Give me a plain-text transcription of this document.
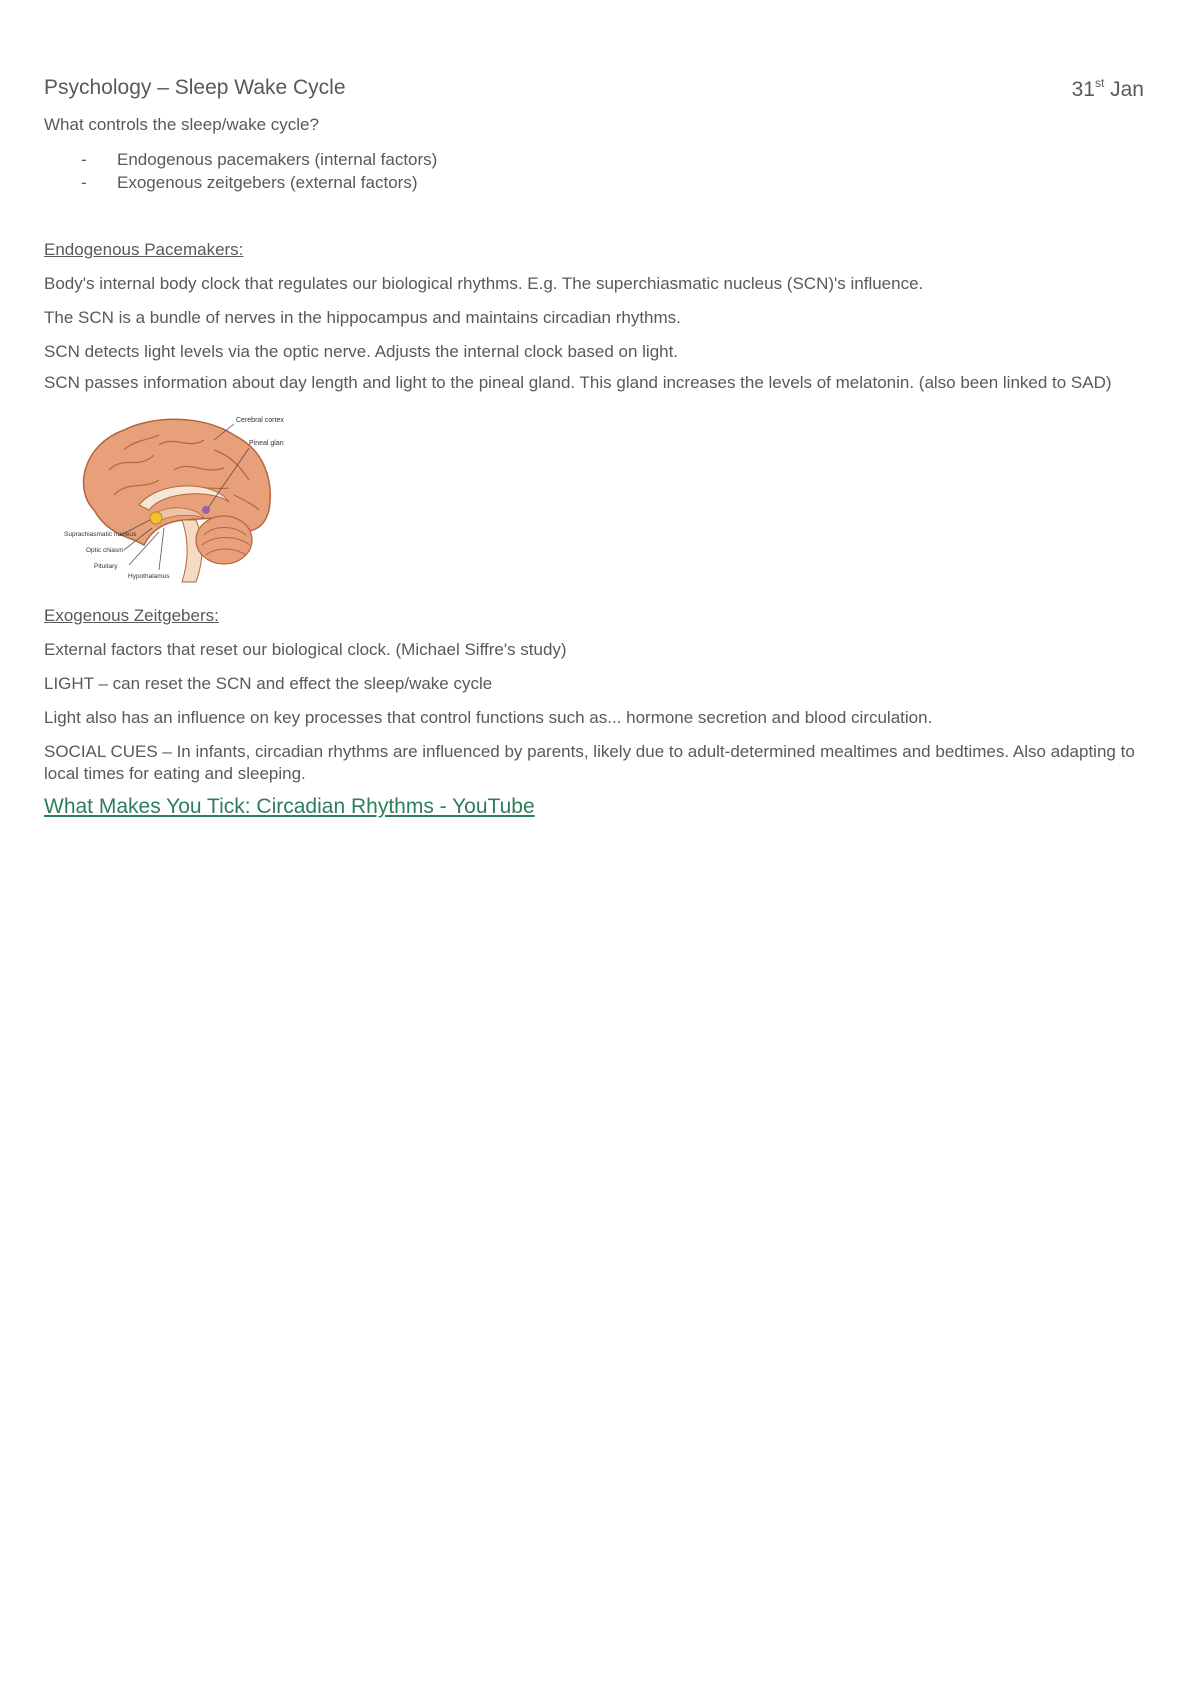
Psychology – Sleep Wake Cycle	31st Jan

What controls the sleep/wake cycle?

- Endogenous pacemakers (internal factors)
- Exogenous zeitgebers (external factors)

Endogenous Pacemakers:

Body's internal body clock that regulates our biological rhythms. E.g. The superchiasmatic nucleus (SCN)'s influence.

The SCN is a bundle of nerves in the hippocampus and maintains circadian rhythms.

SCN detects light levels via the optic nerve. Adjusts the internal clock based on light.

SCN passes information about day length and light to the pineal gland. This gland increases the levels of melatonin. (also been linked to SAD)

Cerebral cortex
Pineal gland
Suprachiasmatic nucleus
Optic chiasm
Pituitary
Hypothalamus

Exogenous Zeitgebers:

External factors that reset our biological clock. (Michael Siffre's study)

LIGHT – can reset the SCN and effect the sleep/wake cycle

Light also has an influence on key processes that control functions such as... hormone secretion and blood circulation.

SOCIAL CUES – In infants, circadian rhythms are influenced by parents, likely due to adult-determined mealtimes and bedtimes. Also adapting to local times for eating and sleeping.

What Makes You Tick: Circadian Rhythms - YouTube
